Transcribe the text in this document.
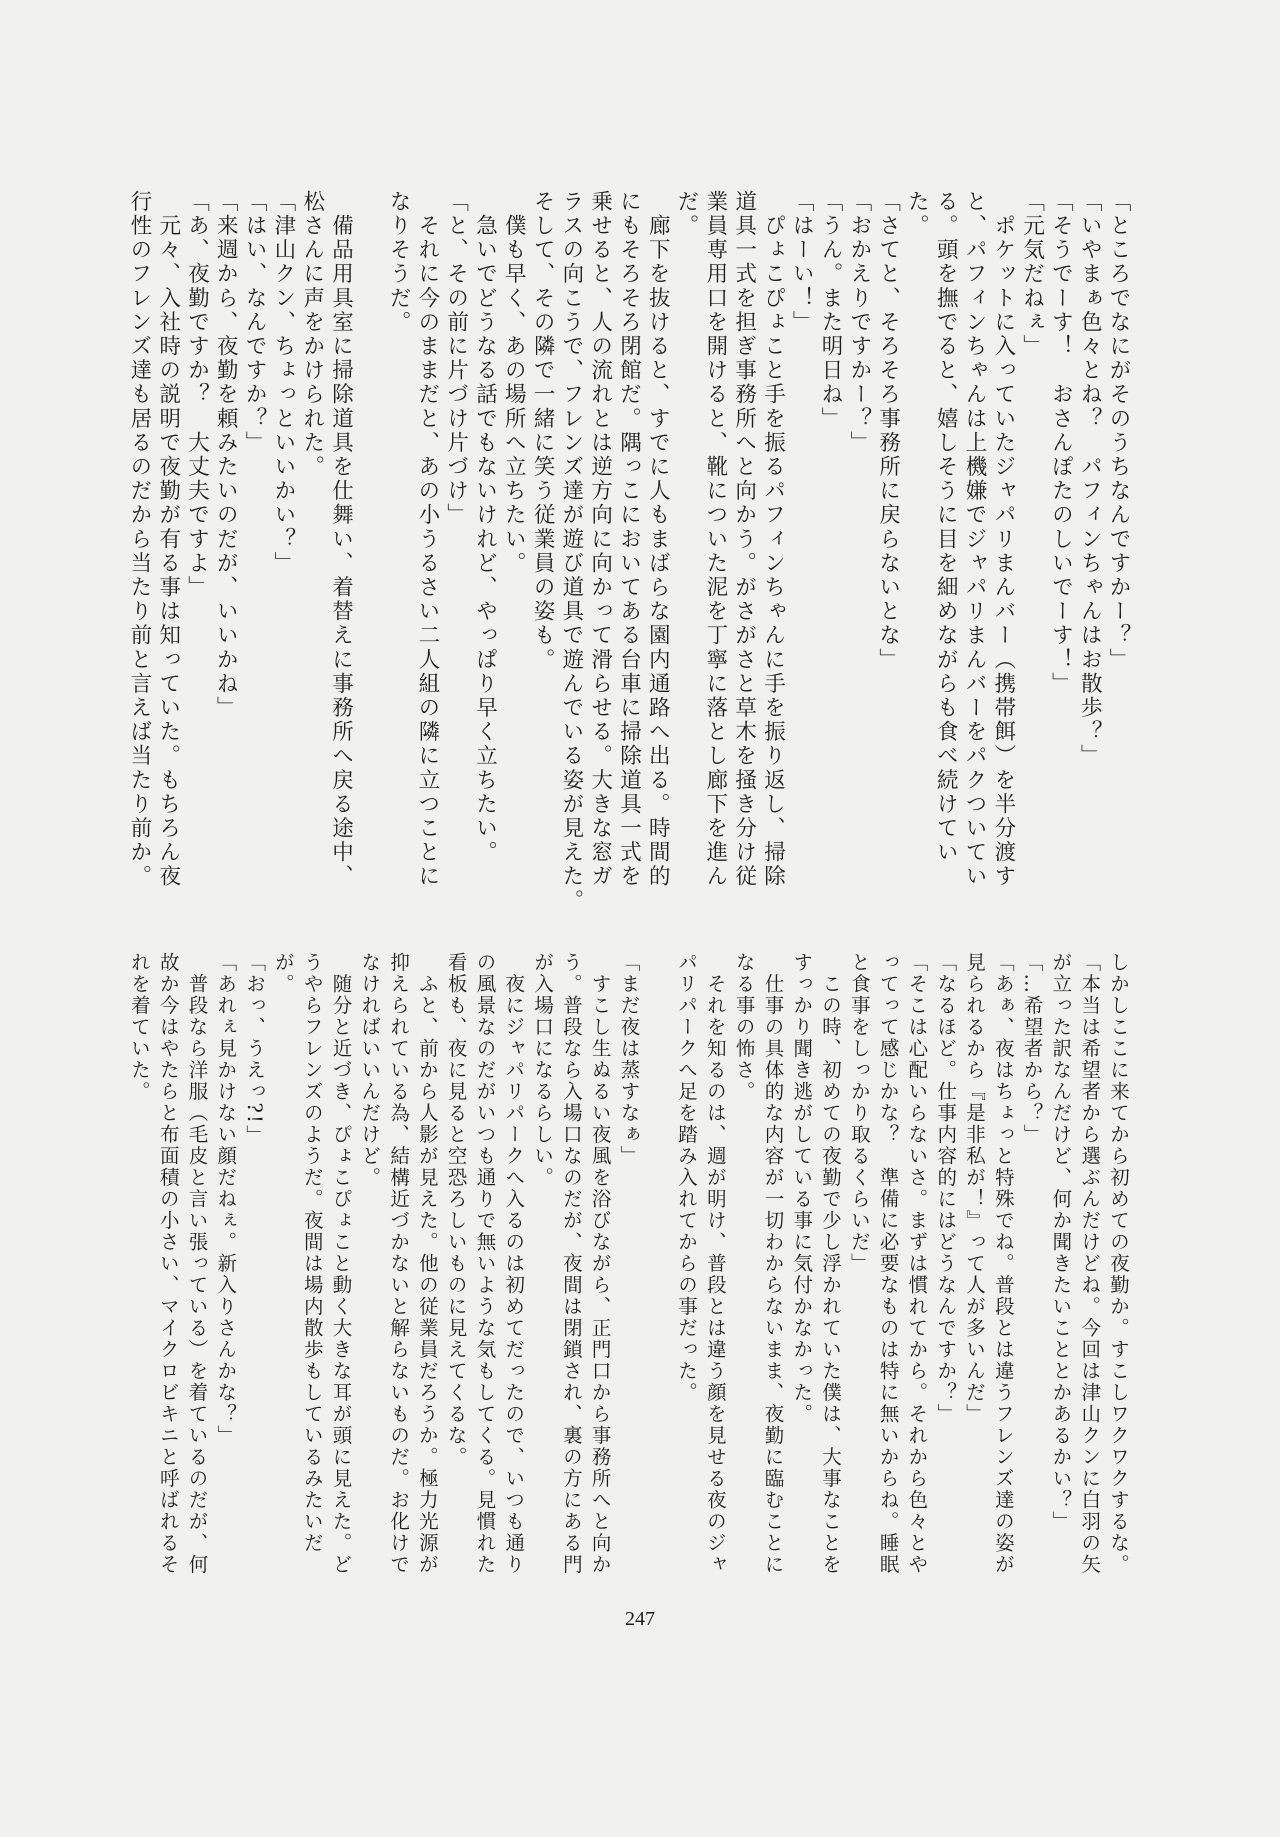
「ところでなにがそのうちなんですかー？」
「いやまぁ色々とね？　パフィンちゃんはお散歩？」
「そうでーす！　おさんぽたのしいでーす！」
「元気だねぇ」
　ポケットに入っていたジャパリまんバー（携帯餌）を半分渡す
と、パフィンちゃんは上機嫌でジャパリまんバーをパクついてい
る。頭を撫でると、嬉しそうに目を細めながらも食べ続けてい
た。
「さてと、そろそろ事務所に戻らないとな」
「おかえりですかー？」
「うん。また明日ね」
「はーい！」
　ぴょこぴょこと手を振るパフィンちゃんに手を振り返し、掃除
道具一式を担ぎ事務所へと向かう。がさがさと草木を掻き分け従
業員専用口を開けると、靴についた泥を丁寧に落とし廊下を進ん
だ。
　廊下を抜けると、すでに人もまばらな園内通路へ出る。時間的
にもそろそろ閉館だ。隅っこにおいてある台車に掃除道具一式を
乗せると、人の流れとは逆方向に向かって滑らせる。大きな窓ガ
ラスの向こうで、フレンズ達が遊び道具で遊んでいる姿が見えた。
そして、その隣で一緒に笑う従業員の姿も。
　僕も早く、あの場所へ立ちたい。
　急いでどうなる話でもないけれど、やっぱり早く立ちたい。
「と、その前に片づけ片づけ」
　それに今のままだと、あの小うるさい二人組の隣に立つことに
なりそうだ。
　備品用具室に掃除道具を仕舞い、着替えに事務所へ戻る途中、
松さんに声をかけられた。
「津山クン、ちょっといいかい？」
「はい、なんですか？」
「来週から、夜勤を頼みたいのだが、いいかね」
「あ、夜勤ですか？　大丈夫ですよ」
　元々、入社時の説明で夜勤が有る事は知っていた。もちろん夜
行性のフレンズ達も居るのだから当たり前と言えば当たり前か。
しかしここに来てから初めての夜勤か。すこしワクワクするな。
「本当は希望者から選ぶんだけどね。今回は津山クンに白羽の矢
が立った訳なんだけど、何か聞きたいこととかあるかい？」
「…希望者から？」
「あぁ、夜はちょっと特殊でね。普段とは違うフレンズ達の姿が
見られるから『是非私が！』って人が多いんだ」
「なるほど。仕事内容的にはどうなんですか？」
「そこは心配いらないさ。まずは慣れてから。それから色々とや
ってって感じかな？　準備に必要なものは特に無いからね。睡眠
と食事をしっかり取るくらいだ」
　この時、初めての夜勤で少し浮かれていた僕は、大事なことを
すっかり聞き逃がしている事に気付かなかった。
　仕事の具体的な内容が一切わからないまま、夜勤に臨むことに
なる事の怖さ。
　それを知るのは、週が明け、普段とは違う顔を見せる夜のジャ
パリパークへ足を踏み入れてからの事だった。
「まだ夜は蒸すなぁ」
　すこし生ぬるい夜風を浴びながら、正門口から事務所へと向か
う。普段なら入場口なのだが、夜間は閉鎖され、裏の方にある門
が入場口になるらしい。
　夜にジャパリパークへ入るのは初めてだったので、いつも通り
の風景なのだがいつも通りで無いような気もしてくる。見慣れた
看板も、夜に見ると空恐ろしいものに見えてくるな。
　ふと、前から人影が見えた。他の従業員だろうか。極力光源が
抑えられている為、結構近づかないと解らないものだ。お化けで
なければいいんだけど。
　随分と近づき、ぴょこぴょこと動く大きな耳が頭に見えた。ど
うやらフレンズのようだ。夜間は場内散歩もしているみたいだ
が。
「おっ、うえっ?!」
「あれぇ見かけない顔だねぇ。新入りさんかな？」
　普段なら洋服（毛皮と言い張っている）を着ているのだが、何
故か今はやたらと布面積の小さい、マイクロビキニと呼ばれるそ
れを着ていた。
247
